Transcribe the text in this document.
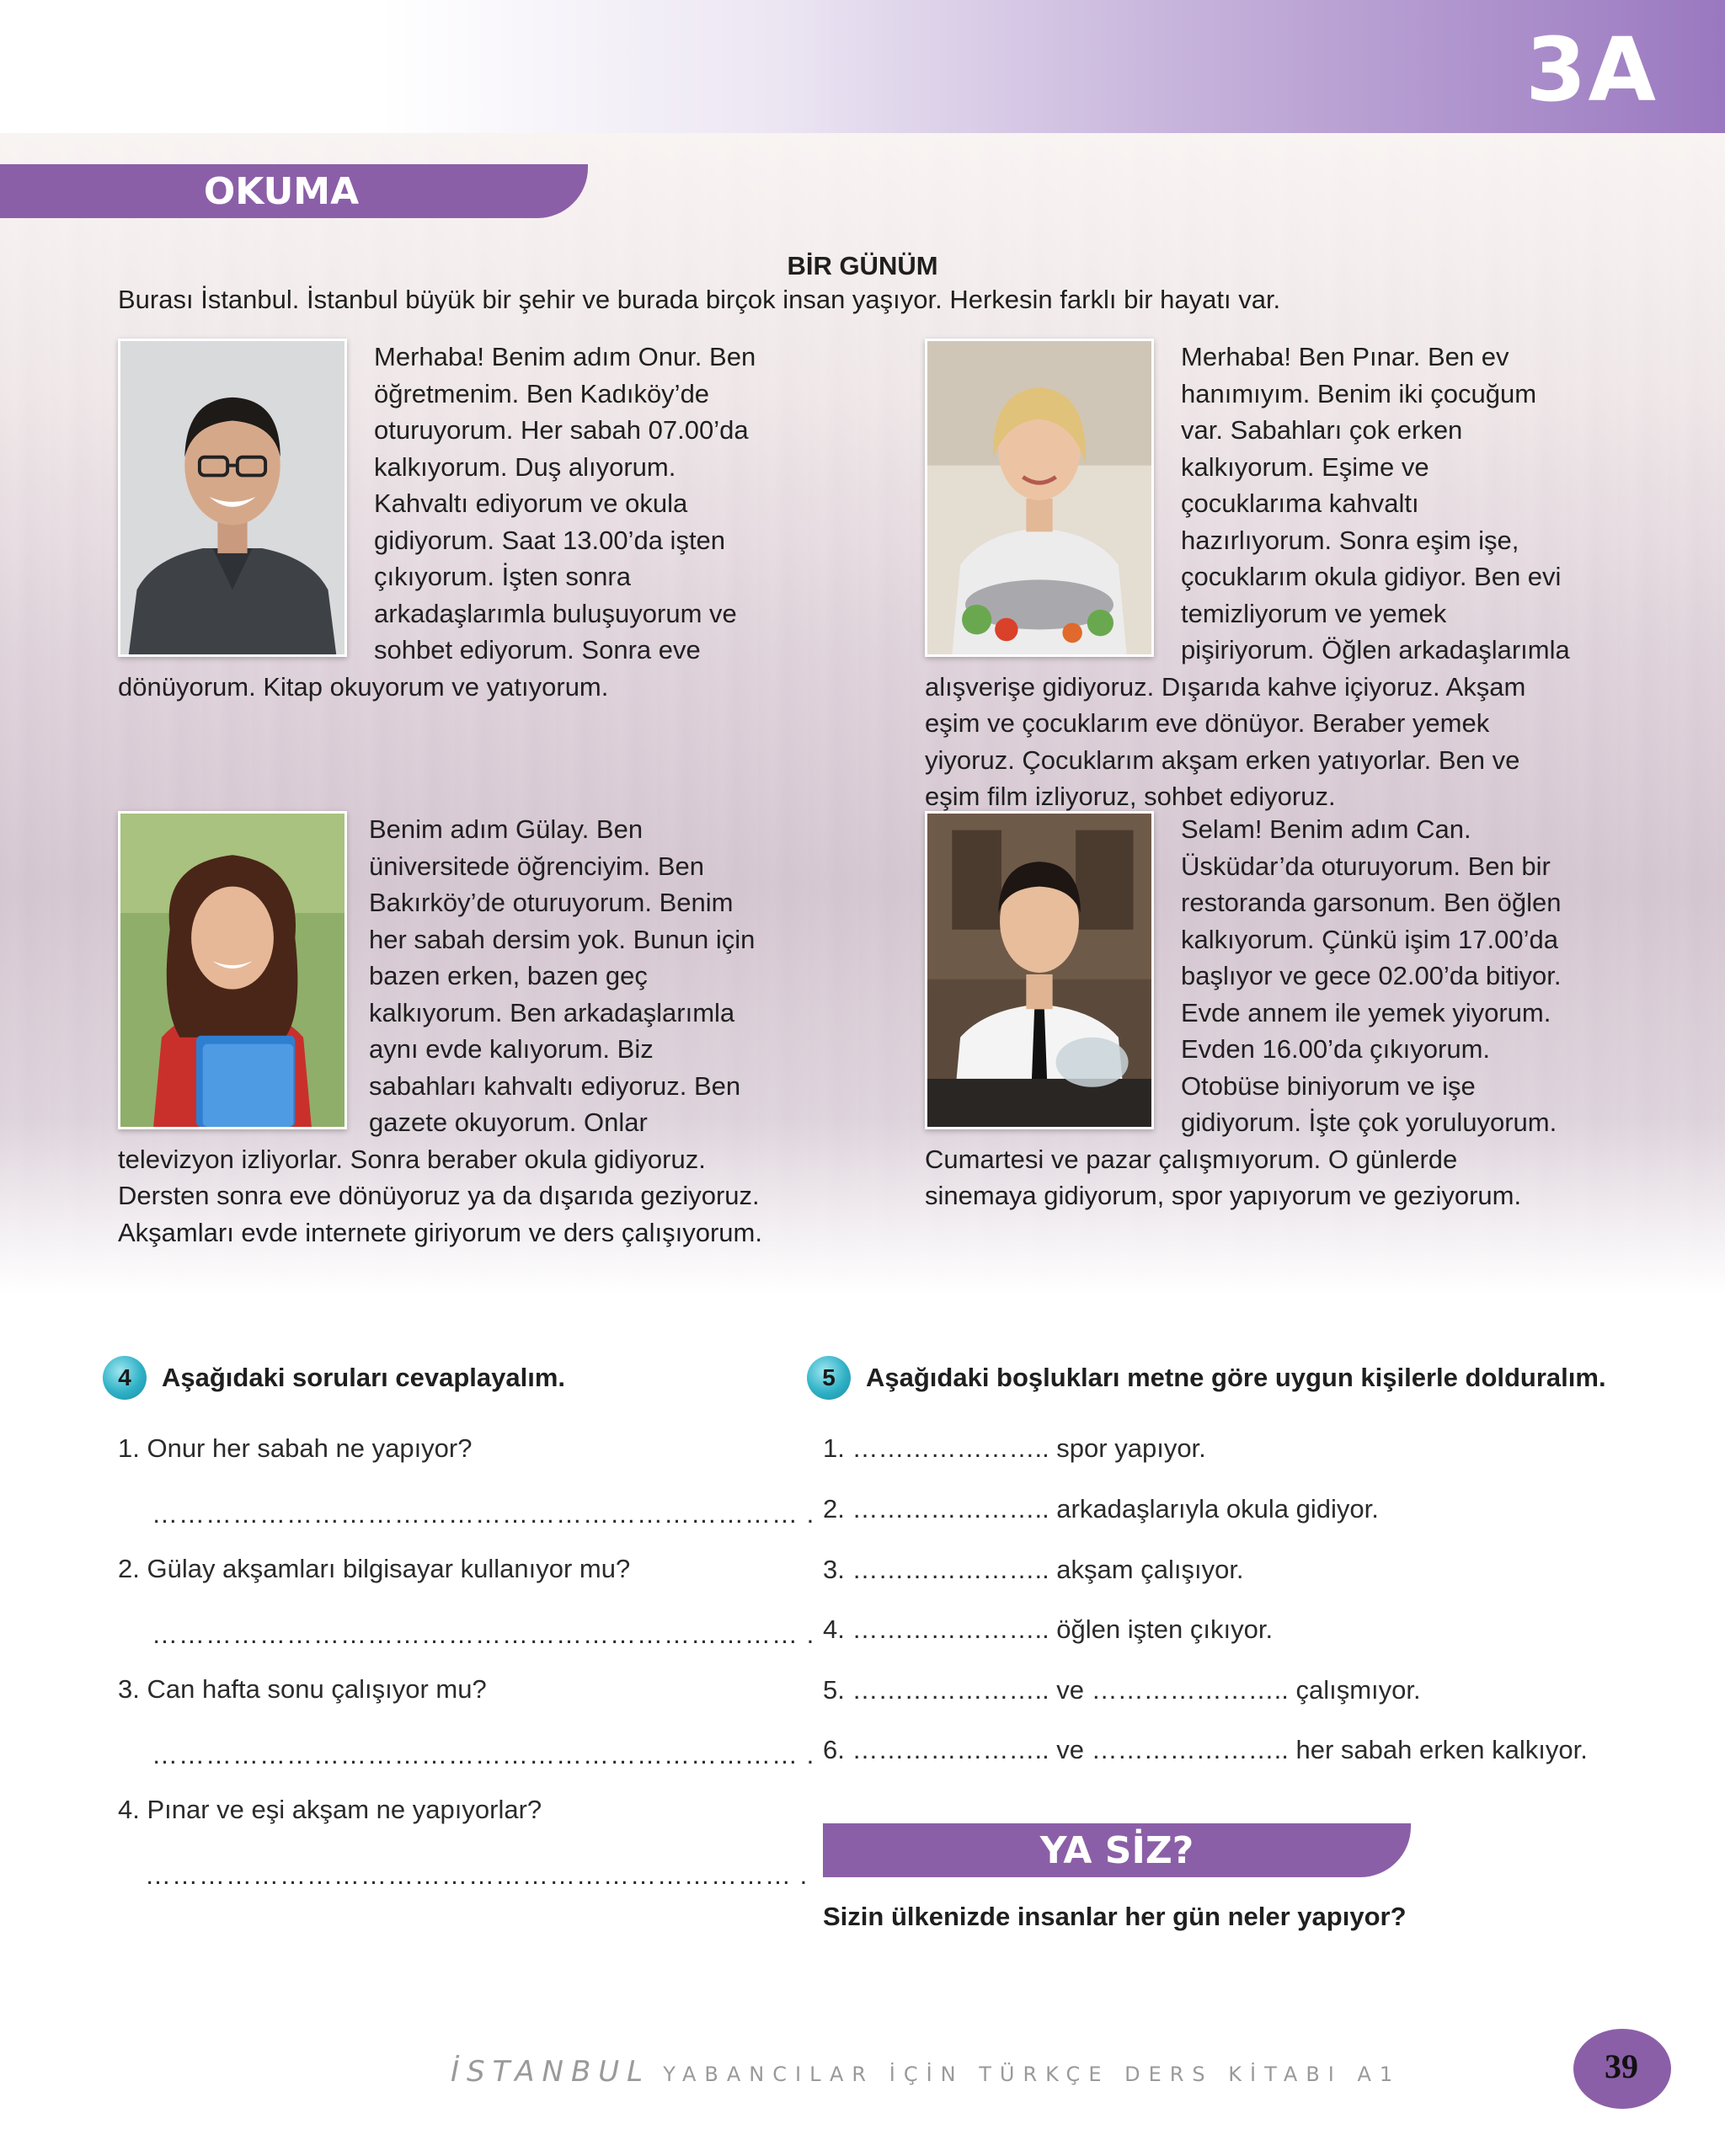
3A
OKUMA
BİR GÜNÜM
Burası İstanbul. İstanbul büyük bir şehir ve burada birçok insan yaşıyor. Herkesin farklı bir hayatı var.
Merhaba! Benim adım Onur. Ben öğretmenim. Ben Kadıköy’de oturuyorum. Her sabah 07.00’da kalkıyorum. Duş alıyorum. Kahvaltı ediyorum ve okula gidiyorum. Saat 13.00’da işten çıkıyorum. İşten sonra arkadaşlarımla buluşuyorum ve sohbet ediyorum. Sonra eve dönüyorum. Kitap okuyorum ve yatıyorum.
Merhaba! Ben Pınar. Ben ev hanımıyım. Benim iki çocuğum var. Sabahları çok erken kalkıyorum. Eşime ve çocuklarıma kahvaltı hazırlıyorum. Sonra eşim işe, çocuklarım okula gidiyor. Ben evi temizliyorum ve yemek pişiriyorum. Öğlen arkadaşlarımla alışverişe gidiyoruz. Dışarıda kahve içiyoruz. Akşam eşim ve çocuklarım eve dönüyor. Beraber yemek yiyoruz. Çocuklarım akşam erken yatıyorlar. Ben ve eşim film izliyoruz, sohbet ediyoruz.
Benim adım Gülay. Ben üniversitede öğrenciyim. Ben Bakırköy’de oturuyorum. Benim her sabah dersim yok. Bunun için bazen erken, bazen geç kalkıyorum. Ben arkadaşlarımla aynı evde kalıyorum. Biz sabahları kahvaltı ediyoruz. Ben gazete okuyorum. Onlar televizyon izliyorlar. Sonra beraber okula gidiyoruz. Dersten sonra eve dönüyoruz ya da dışarıda geziyoruz. Akşamları evde internete giriyorum ve ders çalışıyorum.
Selam! Benim adım Can. Üsküdar’da oturuyorum. Ben bir restoranda garsonum. Ben öğlen kalkıyorum. Çünkü işim 17.00’da başlıyor ve gece 02.00’da bitiyor. Evde annem ile yemek yiyorum. Evden 16.00’da çıkıyorum. Otobüse biniyorum ve işe gidiyorum. İşte çok yoruluyorum. Cumartesi ve pazar çalışmıyorum. O günlerde sinemaya gidiyorum, spor yapıyorum ve geziyorum.
4	Aşağıdaki soruları cevaplayalım.
1. Onur her sabah ne yapıyor?
……………………………………………………………… .
2. Gülay akşamları bilgisayar kullanıyor mu?
……………………………………………………………… .
3. Can hafta sonu çalışıyor mu?
……………………………………………………………… .
4. Pınar ve eşi akşam ne yapıyorlar?
……………………………………………………………… .
5	Aşağıdaki boşlukları metne göre uygun kişilerle dolduralım.
1. ………………….. spor yapıyor.
2. ………………….. arkadaşlarıyla okula gidiyor.
3. ………………….. akşam çalışıyor.
4. ………………….. öğlen işten çıkıyor.
5. ………………….. ve ………………….. çalışmıyor.
6. ………………….. ve ………………….. her sabah erken kalkıyor.
YA SİZ?
Sizin ülkenizde insanlar her gün neler yapıyor?
İSTANBUL YABANCILAR İÇİN TÜRKÇE DERS KİTABI A1	39
